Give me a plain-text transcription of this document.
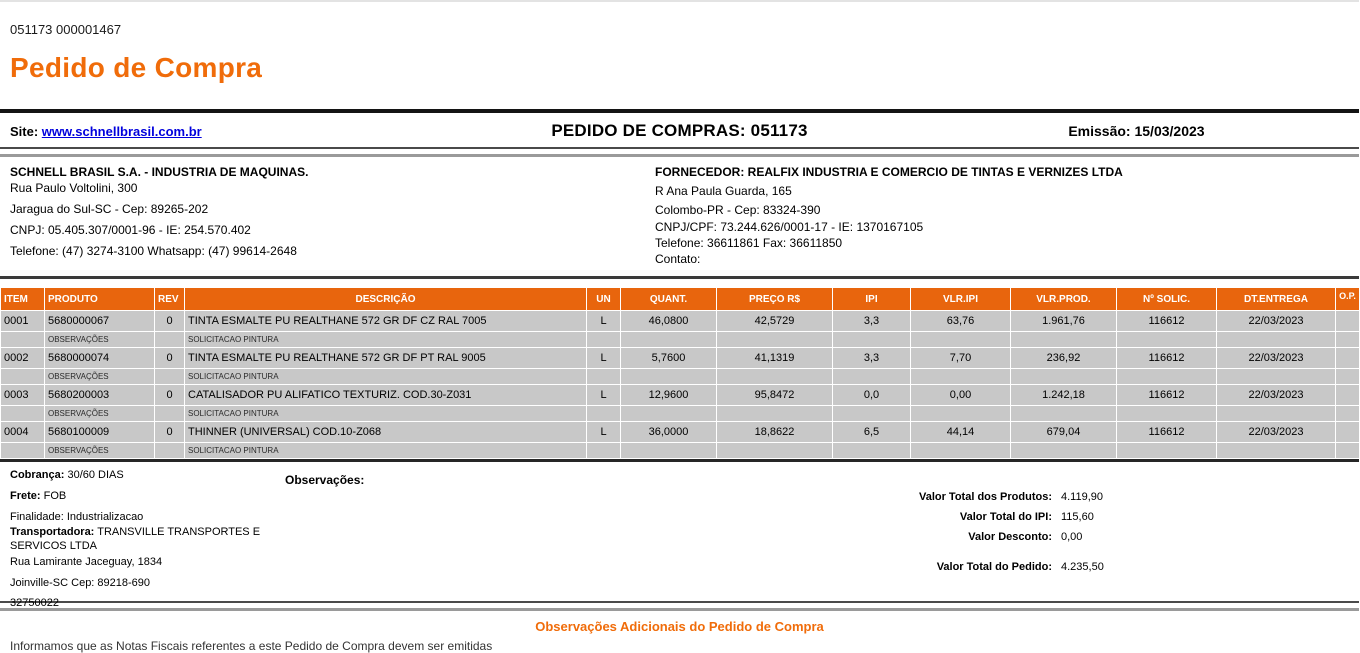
051173 000001467
Pedido de Compra
Site: www.schnellbrasil.com.br	PEDIDO DE COMPRAS: 051173	Emissão: 15/03/2023
SCHNELL BRASIL S.A. - INDUSTRIA DE MAQUINAS.
Rua Paulo Voltolini, 300
Jaragua do Sul-SC - Cep: 89265-202
CNPJ: 05.405.307/0001-96 - IE: 254.570.402
Telefone: (47) 3274-3100 Whatsapp: (47) 99614-2648
FORNECEDOR: REALFIX INDUSTRIA E COMERCIO DE TINTAS E VERNIZES LTDA
R Ana Paula Guarda, 165
Colombo-PR - Cep: 83324-390
CNPJ/CPF: 73.244.626/0001-17 - IE: 1370167105
Telefone: 36611861 Fax: 36611850
Contato:
ITEM	PRODUTO	REV	DESCRIÇÃO	UN	QUANT.	PREÇO R$	IPI	VLR.IPI	VLR.PROD.	Nº SOLIC.	DT.ENTREGA	O.P.
0001	5680000067	0	TINTA ESMALTE PU REALTHANE 572 GR DF CZ RAL 7005	L	46,0800	42,5729	3,3	63,76	1.961,76	116612	22/03/2023	
	OBSERVAÇÕES		SOLICITACAO PINTURA									
0002	5680000074	0	TINTA ESMALTE PU REALTHANE 572 GR DF PT RAL 9005	L	5,7600	41,1319	3,3	7,70	236,92	116612	22/03/2023	
	OBSERVAÇÕES		SOLICITACAO PINTURA									
0003	5680200003	0	CATALISADOR PU ALIFATICO TEXTURIZ. COD.30-Z031	L	12,9600	95,8472	0,0	0,00	1.242,18	116612	22/03/2023	
	OBSERVAÇÕES		SOLICITACAO PINTURA									
0004	5680100009	0	THINNER (UNIVERSAL) COD.10-Z068	L	36,0000	18,8622	6,5	44,14	679,04	116612	22/03/2023	
	OBSERVAÇÕES		SOLICITACAO PINTURA									
Cobrança: 30/60 DIAS
Frete: FOB
Finalidade: Industrializacao
Transportadora: TRANSVILLE TRANSPORTES E SERVICOS LTDA
Rua Lamirante Jaceguay, 1834
Joinville-SC Cep: 89218-690
32750022
Observações:
Valor Total dos Produtos: 4.119,90
Valor Total do IPI: 115,60
Valor Desconto: 0,00
Valor Total do Pedido: 4.235,50
Observações Adicionais do Pedido de Compra
Informamos que as Notas Fiscais referentes a este Pedido de Compra devem ser emitidas
